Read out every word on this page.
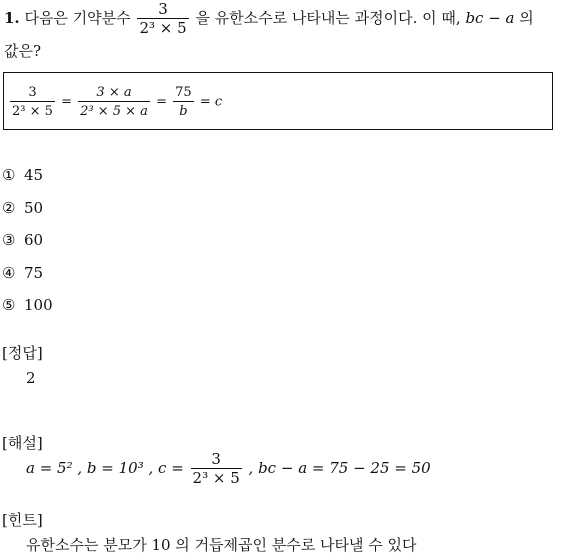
1. 다음은 기약분수 $\frac{3}{\text{2³ × 5}}$ 을 유한소수로 나타내는 과정이다. 이 때, bc − a 의
값은?
$\frac{3}{\text{2³ × 5}} = \frac{3 \times a}{\text{2³ × 5 × a}} = \frac{75}{b} = c$
① 45
② 50
③ 60
④ 75
⑤ 100
[정답]
2
[해설]
a = 5² , b = 10³ , $c = \frac{3}{\text{2³ × 5}}$ , bc − a = 75 − 25 = 50
[힌트]
유한소수는 분모가 10 의 거듭제곱인 분수로 나타낼 수 있다
